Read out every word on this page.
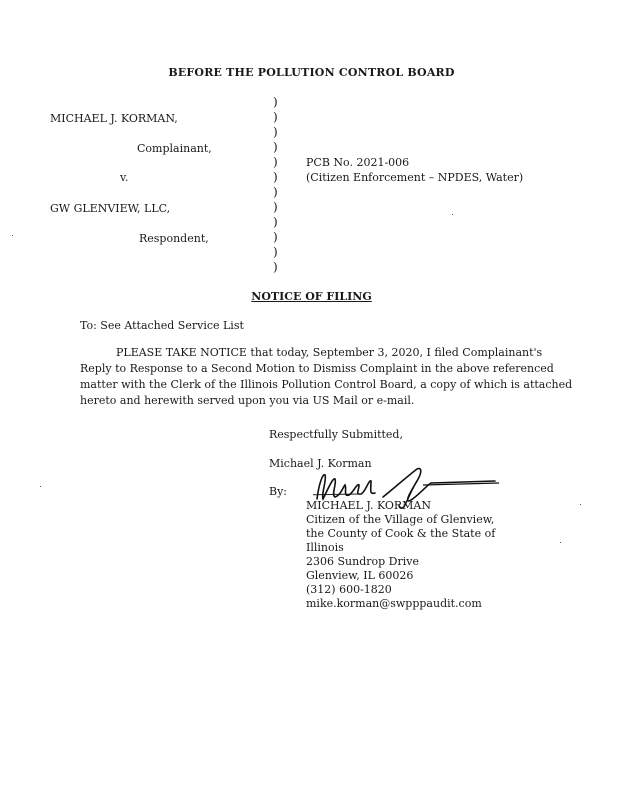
BEFORE THE POLLUTION CONTROL BOARD
MICHAEL J. KORMAN,
Complainant,
v.
GW GLENVIEW, LLC,
Respondent,
)
)
)
)
)
)
)
)
)
)
)
)
PCB No. 2021-006
(Citizen Enforcement – NPDES, Water)
NOTICE OF FILING
To: See Attached Service List
PLEASE TAKE NOTICE that today, September 3, 2020, I filed Complainant's
Reply to Response to a Second Motion to Dismiss Complaint in the above referenced
matter with the Clerk of the Illinois Pollution Control Board, a copy of which is attached
hereto and herewith served upon you via US Mail or e-mail.
Respectfully Submitted,
Michael J. Korman
By:
MICHAEL J. KORMAN
Citizen of the Village of Glenview,
the County of Cook & the State of
Illinois
2306 Sundrop Drive
Glenview, IL 60026
(312) 600-1820
mike.korman@swpppaudit.com
